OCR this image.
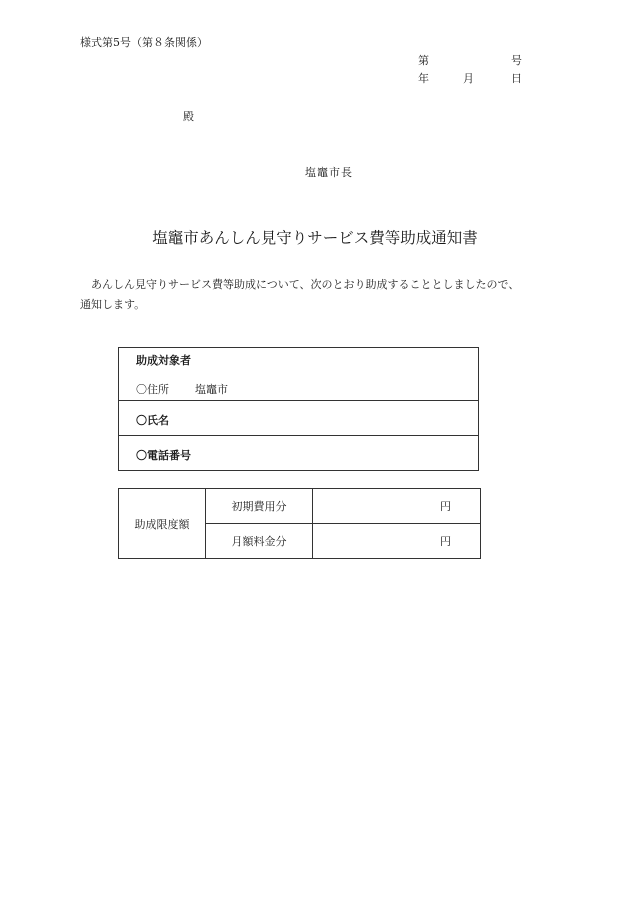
様式第5号（第８条関係）
第	号
年	月	日
殿
塩竈市長
塩竈市あんしん見守りサービス費等助成通知書

あんしん見守りサービス費等助成について、次のとおり助成することとしましたので、

通知します。

助成対象者
〇住所 塩竈市
〇氏名
〇電話番号
助成限度額	初期費用分	円
	月額料金分	円
